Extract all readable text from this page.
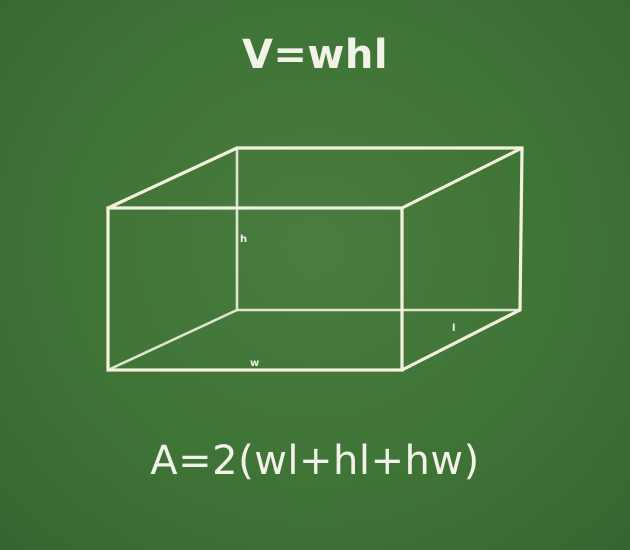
V=whl
h
w
l
A=2(wl+hl+hw)
